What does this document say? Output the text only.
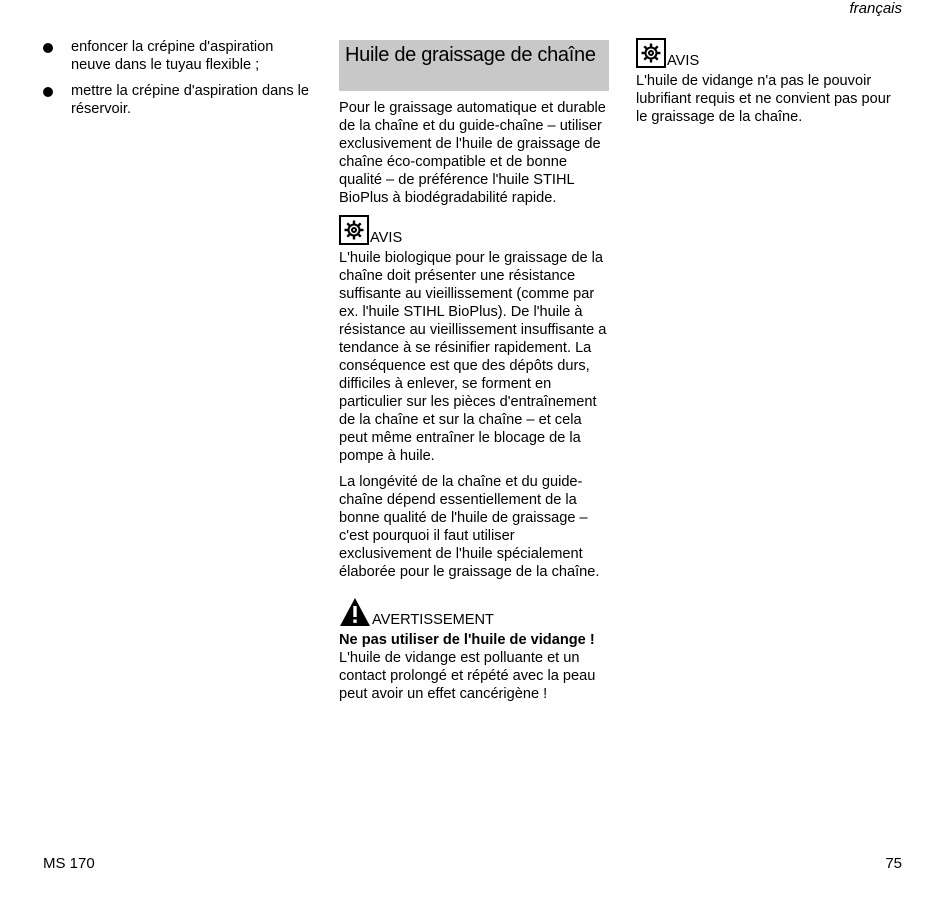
français
enfoncer la crépine d'aspiration neuve dans le tuyau flexible ;
mettre la crépine d'aspiration dans le réservoir.
Huile de graissage de chaîne

Pour le graissage automatique et durable de la chaîne et du guide-chaîne – utiliser exclusivement de l'huile de graissage de chaîne éco-compatible et de bonne qualité – de préférence l'huile STIHL BioPlus à biodégradabilité rapide.

AVIS

L'huile biologique pour le graissage de la chaîne doit présenter une résistance suffisante au vieillissement (comme par ex. l'huile STIHL BioPlus). De l'huile à résistance au vieillissement insuffisante a tendance à se résinifier rapidement. La conséquence est que des dépôts durs, difficiles à enlever, se forment en particulier sur les pièces d'entraînement de la chaîne et sur la chaîne – et cela peut même entraîner le blocage de la pompe à huile.

La longévité de la chaîne et du guide-chaîne dépend essentiellement de la bonne qualité de l'huile de graissage – c'est pourquoi il faut utiliser exclusivement de l'huile spécialement élaborée pour le graissage de la chaîne.

AVERTISSEMENT

Ne pas utiliser de l'huile de vidange !
L'huile de vidange est polluante et un contact prolongé et répété avec la peau peut avoir un effet cancérigène !

AVIS

L'huile de vidange n'a pas le pouvoir lubrifiant requis et ne convient pas pour le graissage de la chaîne.

MS 170	75
